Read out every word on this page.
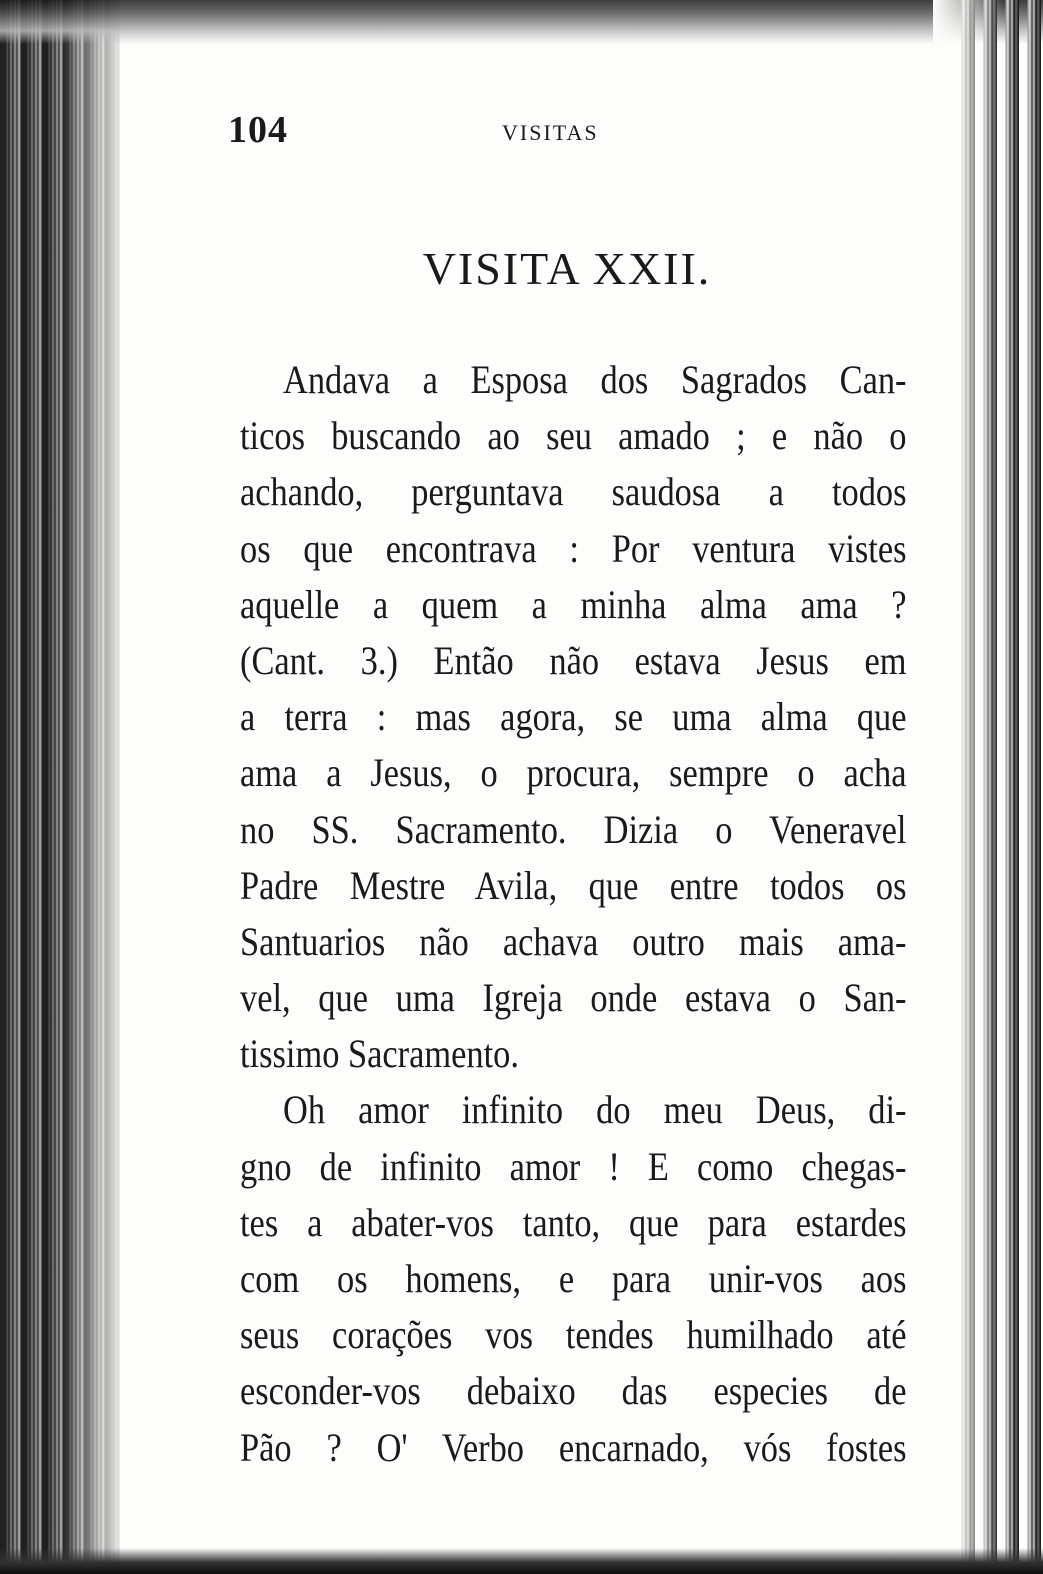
104	VISITAS
VISITA XXII.
Andava a Esposa dos Sagrados Can-
ticos buscando ao seu amado ; e não o
achando, perguntava saudosa a todos
os que encontrava : Por ventura vistes
aquelle a quem a minha alma ama ?
(Cant. 3.) Então não estava Jesus em
a terra : mas agora, se uma alma que
ama a Jesus, o procura, sempre o acha
no SS. Sacramento. Dizia o Veneravel
Padre Mestre Avila, que entre todos os
Santuarios não achava outro mais ama-
vel, que uma Igreja onde estava o San-
tissimo Sacramento.
Oh amor infinito do meu Deus, di-
gno de infinito amor ! E como chegas-
tes a abater-vos tanto, que para estardes
com os homens, e para unir-vos aos
seus corações vos tendes humilhado até
esconder-vos debaixo das especies de
Pão ? O' Verbo encarnado, vós fostes
